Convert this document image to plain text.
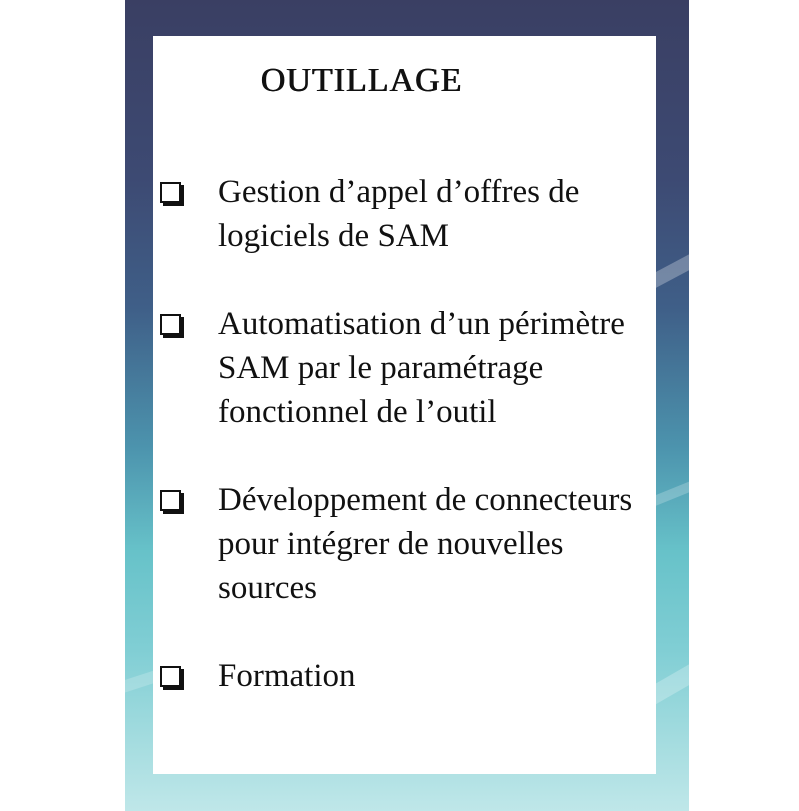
OUTILLAGE
Gestion d’appel d’offres de logiciels de SAM
Automatisation d’un périmètre SAM par le paramétrage fonctionnel de l’outil
Développement de connecteurs pour intégrer de nouvelles sources
Formation
